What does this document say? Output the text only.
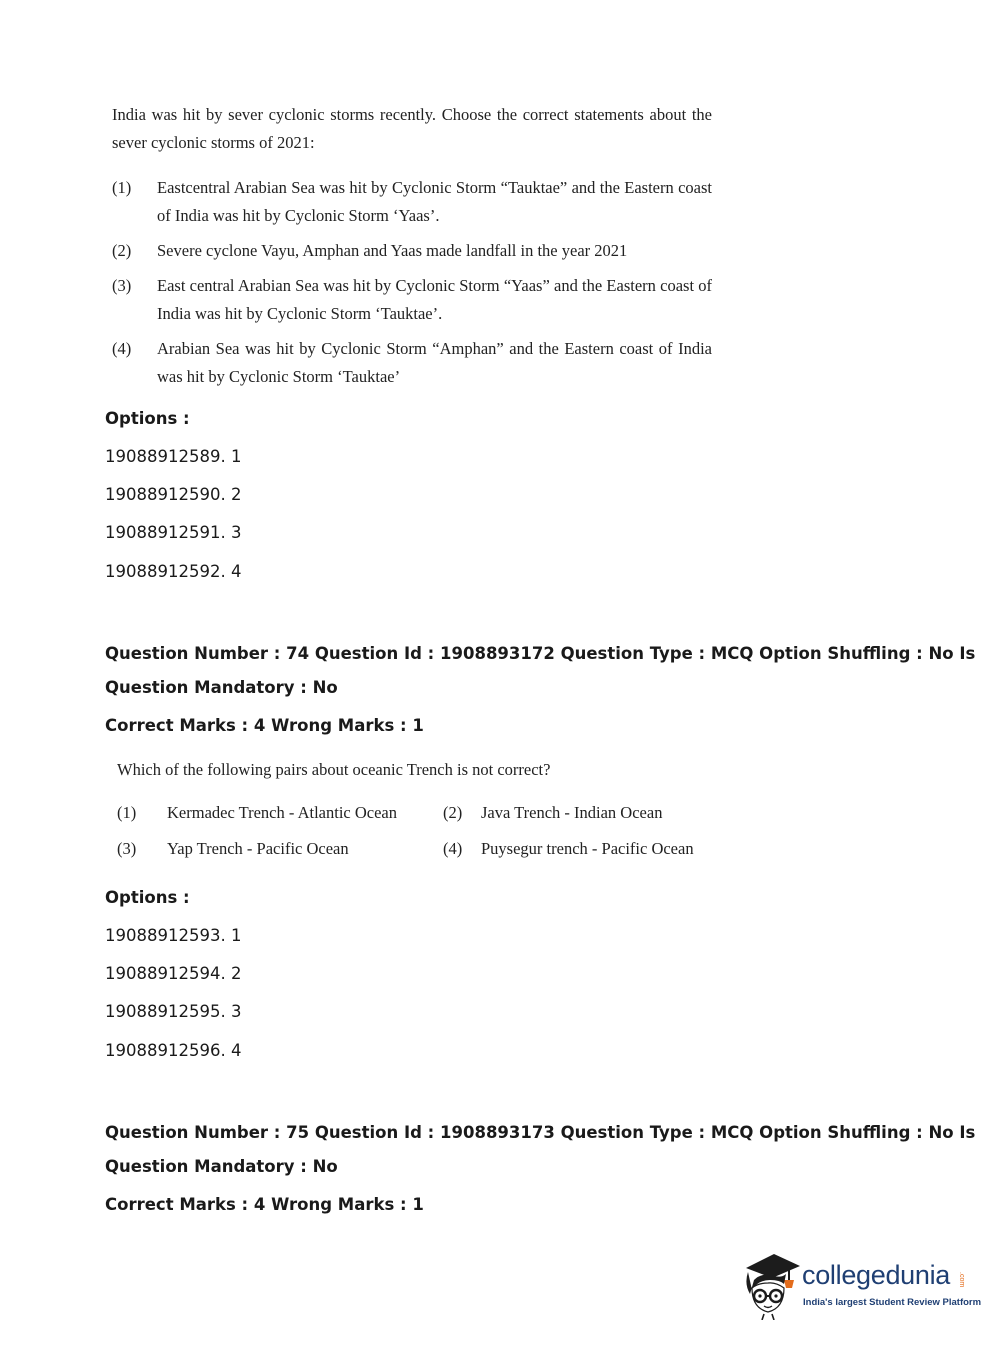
India was hit by sever cyclonic storms recently. Choose the correct statements about the sever cyclonic storms of 2021:
(1) Eastcentral Arabian Sea was hit by Cyclonic Storm “Tauktae” and the Eastern coast of India was hit by Cyclonic Storm ‘Yaas’.
(2) Severe cyclone Vayu, Amphan and Yaas made landfall in the year 2021
(3) East central Arabian Sea was hit by Cyclonic Storm “Yaas” and the Eastern coast of India was hit by Cyclonic Storm ‘Tauktae’.
(4) Arabian Sea was hit by Cyclonic Storm “Amphan” and the Eastern coast of India was hit by Cyclonic Storm ‘Tauktae’
Options :
19088912589. 1
19088912590. 2
19088912591. 3
19088912592. 4
Question Number : 74 Question Id : 1908893172 Question Type : MCQ Option Shuffling : No Is
Question Mandatory : No
Correct Marks : 4 Wrong Marks : 1
Which of the following pairs about oceanic Trench is not correct?
(1) Kermadec Trench - Atlantic Ocean	(2) Java Trench - Indian Ocean
(3) Yap Trench - Pacific Ocean	(4) Puysegur trench - Pacific Ocean
Options :
19088912593. 1
19088912594. 2
19088912595. 3
19088912596. 4
Question Number : 75 Question Id : 1908893173 Question Type : MCQ Option Shuffling : No Is
Question Mandatory : No
Correct Marks : 4 Wrong Marks : 1
collegedunia .com
India's largest Student Review Platform
